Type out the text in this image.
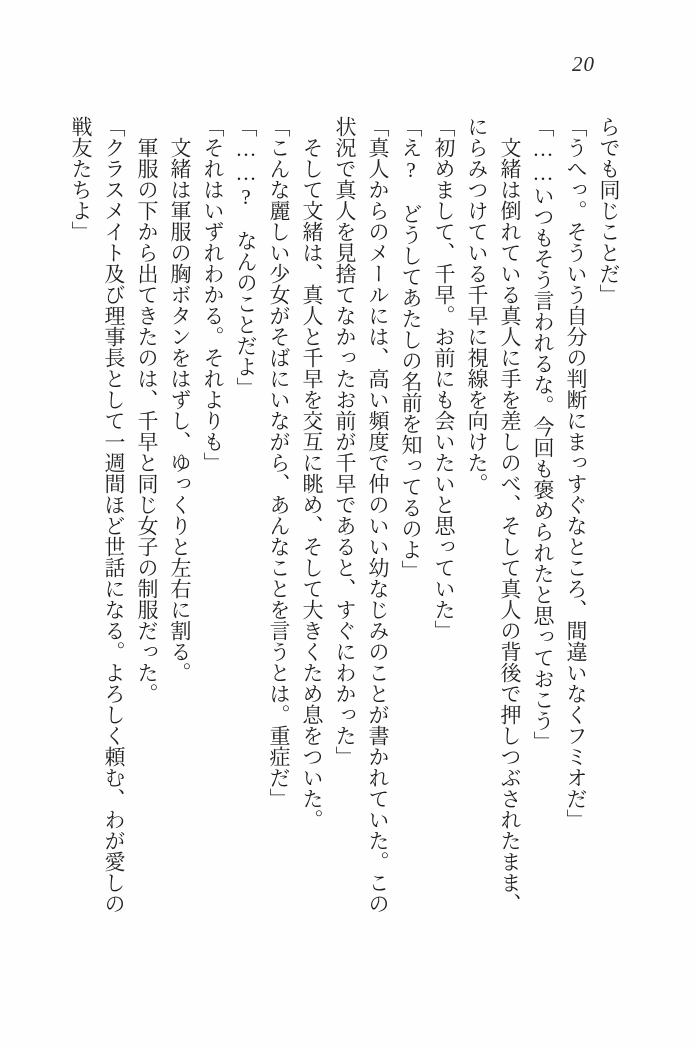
20

らでも同じことだ」

「うへっ。そういう自分の判断にまっすぐなところ、間違いなくフミオだ」

「……いつもそう言われるな。今回も褒められたと思っておこう」

　文緒は倒れている真人に手を差しのべ、そして真人の背後で押しつぶされたまま、にらみつけている千早に視線を向けた。

「初めまして、千早。お前にも会いたいと思っていた」

「え?　どうしてあたしの名前を知ってるのよ」

「真人からのメールには、高い頻度で仲のいい幼なじみのことが書かれていた。この状況で真人を見捨てなかったお前が千早であると、すぐにわかった」

　そして文緒は、真人と千早を交互に眺め、そして大きくため息をついた。

「こんな麗しい少女がそばにいながら、あんなことを言うとは。重症だ」

「……?　なんのことだよ」

「それはいずれわかる。それよりも」

　文緒は軍服の胸ボタンをはずし、ゆっくりと左右に割る。

　軍服の下から出てきたのは、千早と同じ女子の制服だった。

「クラスメイト及び理事長として一週間ほど世話になる。よろしく頼む、わが愛しの戦友たちよ」
